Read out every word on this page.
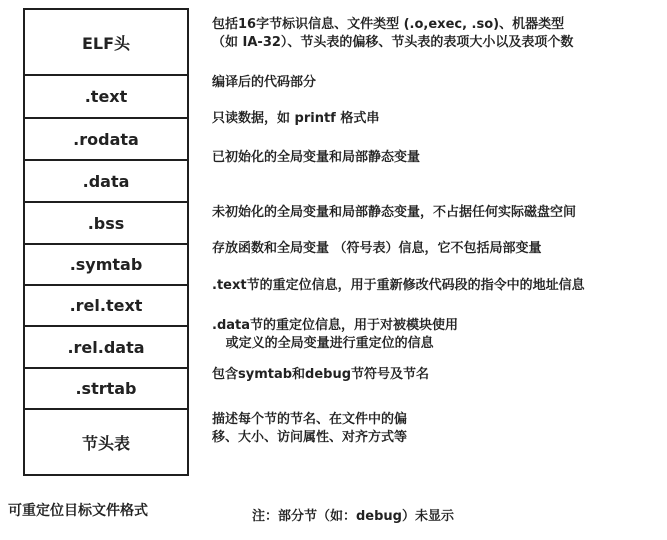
ELF头
.text
.rodata
.data
.bss
.symtab
.rel.text
.rel.data
.strtab
节头表
包括16字节标识信息、文件类型 (.o,exec, .so)、机器类型
（如 IA-32）、节头表的偏移、节头表的表项大小以及表项个数
编译后的代码部分
只读数据，如 printf 格式串
已初始化的全局变量和局部静态变量
未初始化的全局变量和局部静态变量，不占据任何实际磁盘空间
存放函数和全局变量 （符号表）信息，它不包括局部变量
.text节的重定位信息，用于重新修改代码段的指令中的地址信息
.data节的重定位信息，用于对被模块使用
或定义的全局变量进行重定位的信息
包含symtab和debug节符号及节名
描述每个节的节名、在文件中的偏
移、大小、访问属性、对齐方式等
可重定位目标文件格式	注：部分节（如：debug）未显示
